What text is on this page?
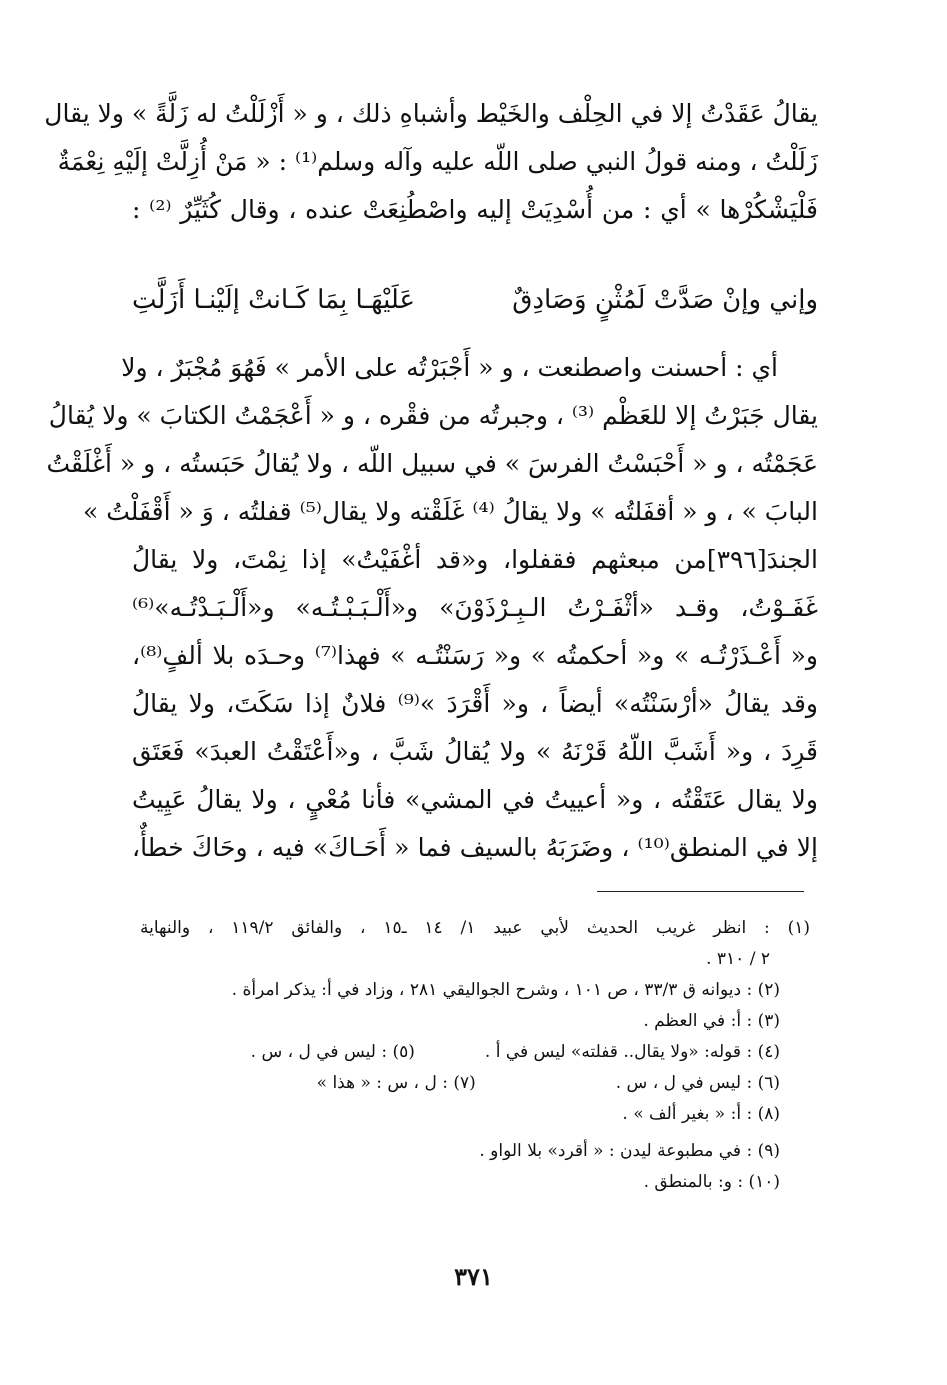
يقالُ عَقَدْتُ إلا في الحِلْف والخَيْط وأشباهِ ذلك ، و « أَزْلَلْتُ له زَلَّةً » ولا يقال
زَلَلْتُ ، ومنه قولُ النبي صلى اللّه عليه وآله وسلم⁽¹⁾ : « مَنْ أُزِلَّتْ إلَيْهِ نِعْمَةٌ
فَلْيَشْكُرْها » أي : من أُسْدِيَتْ إليه واصْطُنِعَتْ عنده ، وقال كُثَيِّرٌ ⁽²⁾ :
وإني وإنْ صَدَّتْ لَمُثْنٍ وَصَادِقٌ
عَلَيْهَـا بِمَا كَـانتْ إلَيْنـا أَزَلَّتِ
أي : أحسنت واصطنعت ، و « أَجْبَرْتُه على الأمر » فَهُوَ مُجْبَرٌ ، ولا
يقال جَبَرْتُ إلا للعَظْم ⁽³⁾ ، وجبرتُه من فقْره ، و « أَعْجَمْتُ الكتابَ » ولا يُقالُ
عَجَمْتُه ، و « أَحْبَسْتُ الفرسَ » في سبيل اللّه ، ولا يُقالُ حَبَستُه ، و « أَغْلَقْتُ
البابَ » ، و « أقفَلتُه » ولا يقالُ ⁽⁴⁾ غَلَقْته ولا يقال⁽⁵⁾ قفلتُه ، وَ « أَقْفَلْتُ »
الجندَ[٣٩٦]من مبعثهم فقفلوا، و«قد أغْفَيْتُ» إذا نِمْتَ، ولا يقالُ
غَفَـوْتُ، وقـد «أثْفَـرْتُ الـبِـرْذَوْنَ» و«أَلْـبَـبْـتُـه» و«أَلْـبَـدْتُـه»⁽⁶⁾
و« أَعْـذَرْتُـه » و« أحكمتُه » و« رَسَنْتُـه » فهذا⁽⁷⁾ وحـدَه بلا ألفٍ⁽⁸⁾،
وقد يقالُ «أرْسَنْتُه» أيضاً ، و« أَقْرَدَ »⁽⁹⁾ فلانٌ إذا سَكَتَ، ولا يقالُ
قَرِدَ ، و« أَشَبَّ اللّهُ قَرْنَهُ » ولا يُقالُ شَبَّ ، و«أَعْتَقْتُ العبدَ» فَعَتَق
ولا يقال عَتَقْتُه ، و« أعييتُ في المشي» فأنا مُعْيٍ ، ولا يقالُ عَيِيتُ
إلا في المنطق⁽¹⁰⁾ ، وضَرَبَهُ بالسيف فما « أَحَـاكَ» فيه ، وحَاكَ خطأٌ،
(١) : انظر غريب الحديث لأبي عبيد ١/ ١٤ ـ١٥ ، والفائق ١١٩/٢ ، والنهاية
٢ / ٣١٠ .
(٢) : ديوانه ق ٣٣/٣ ، ص ١٠١ ، وشرح الجواليقي ٢٨١ ، وزاد في أ: يذكر امرأة .
(٣) : أ: في العظم .
(٤) : قوله: «ولا يقال.. قفلته» ليس في أ .
(٥) : ليس في ل ، س .
(٦) : ليس في ل ، س .
(٧) : ل ، س : « هذا »
(٨) : أ: « بغير ألف » .
(٩) : في مطبوعة ليدن : « أقرد» بلا الواو .
(١٠) : و: بالمنطق .
٣٧١
